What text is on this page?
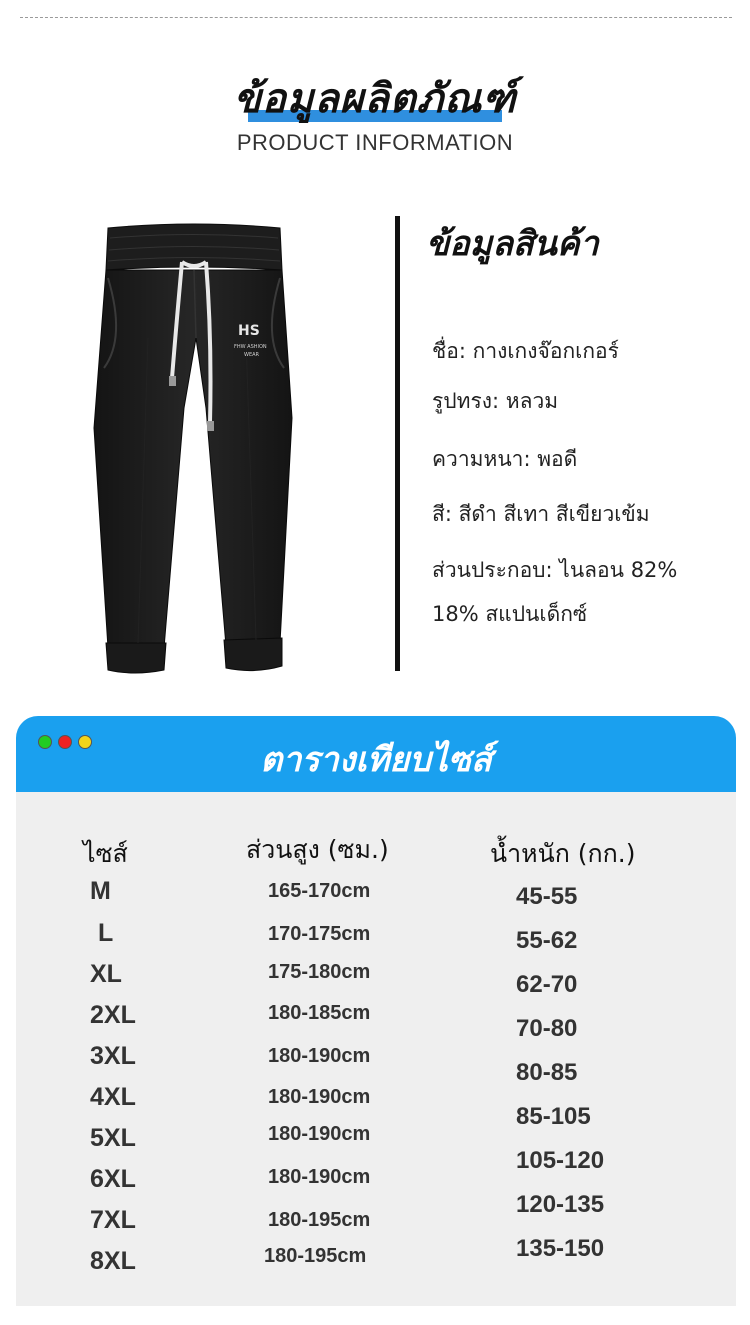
ข้อมูลผลิตภัณฑ์
PRODUCT INFORMATION
HS
FHW ASHION
WEAR
ข้อมูลสินค้า
ชื่อ: กางเกงจ๊อกเกอร์
รูปทรง: หลวม
ความหนา: พอดี
สี: สีดำ สีเทา สีเขียวเข้ม
ส่วนประกอบ: ไนลอน 82%
18% สแปนเด็กซ์
ตารางเทียบไซส์
ไซส์	ส่วนสูง (ซม.)	น้ำหนัก (กก.)
M
L
XL
2XL
3XL
4XL
5XL
6XL
7XL
8XL
165-170cm
170-175cm
175-180cm
180-185cm
180-190cm
180-190cm
180-190cm
180-190cm
180-195cm
180-195cm
45-55
55-62
62-70
70-80
80-85
85-105
105-120
120-135
135-150
